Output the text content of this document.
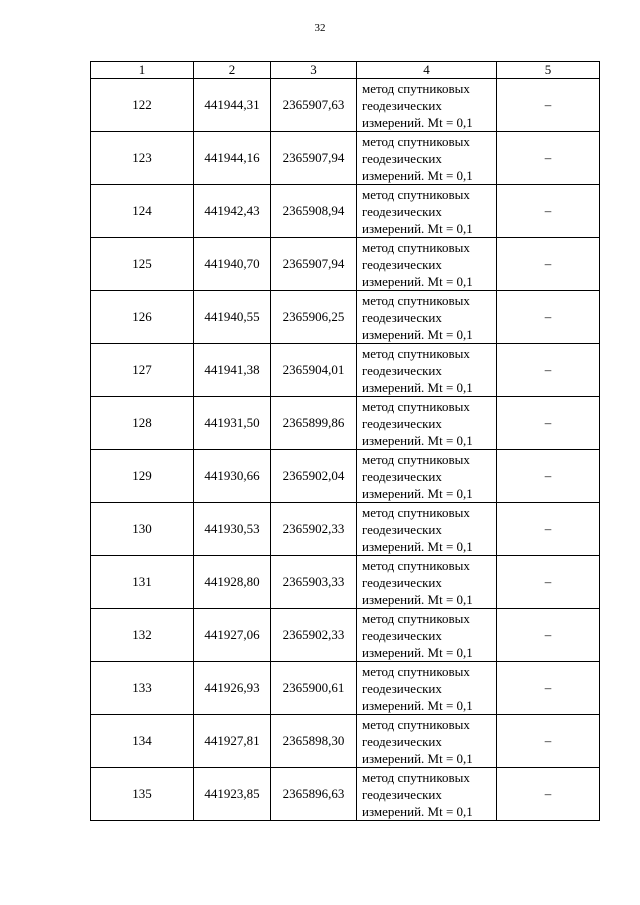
32
1	2	3	4	5
122	441944,31	2365907,63	метод спутниковых
геодезических
измерений. Mt = 0,1	–
123	441944,16	2365907,94	метод спутниковых
геодезических
измерений. Mt = 0,1	–
124	441942,43	2365908,94	метод спутниковых
геодезических
измерений. Mt = 0,1	–
125	441940,70	2365907,94	метод спутниковых
геодезических
измерений. Mt = 0,1	–
126	441940,55	2365906,25	метод спутниковых
геодезических
измерений. Mt = 0,1	–
127	441941,38	2365904,01	метод спутниковых
геодезических
измерений. Mt = 0,1	–
128	441931,50	2365899,86	метод спутниковых
геодезических
измерений. Mt = 0,1	–
129	441930,66	2365902,04	метод спутниковых
геодезических
измерений. Mt = 0,1	–
130	441930,53	2365902,33	метод спутниковых
геодезических
измерений. Mt = 0,1	–
131	441928,80	2365903,33	метод спутниковых
геодезических
измерений. Mt = 0,1	–
132	441927,06	2365902,33	метод спутниковых
геодезических
измерений. Mt = 0,1	–
133	441926,93	2365900,61	метод спутниковых
геодезических
измерений. Mt = 0,1	–
134	441927,81	2365898,30	метод спутниковых
геодезических
измерений. Mt = 0,1	–
135	441923,85	2365896,63	метод спутниковых
геодезических
измерений. Mt = 0,1	–
